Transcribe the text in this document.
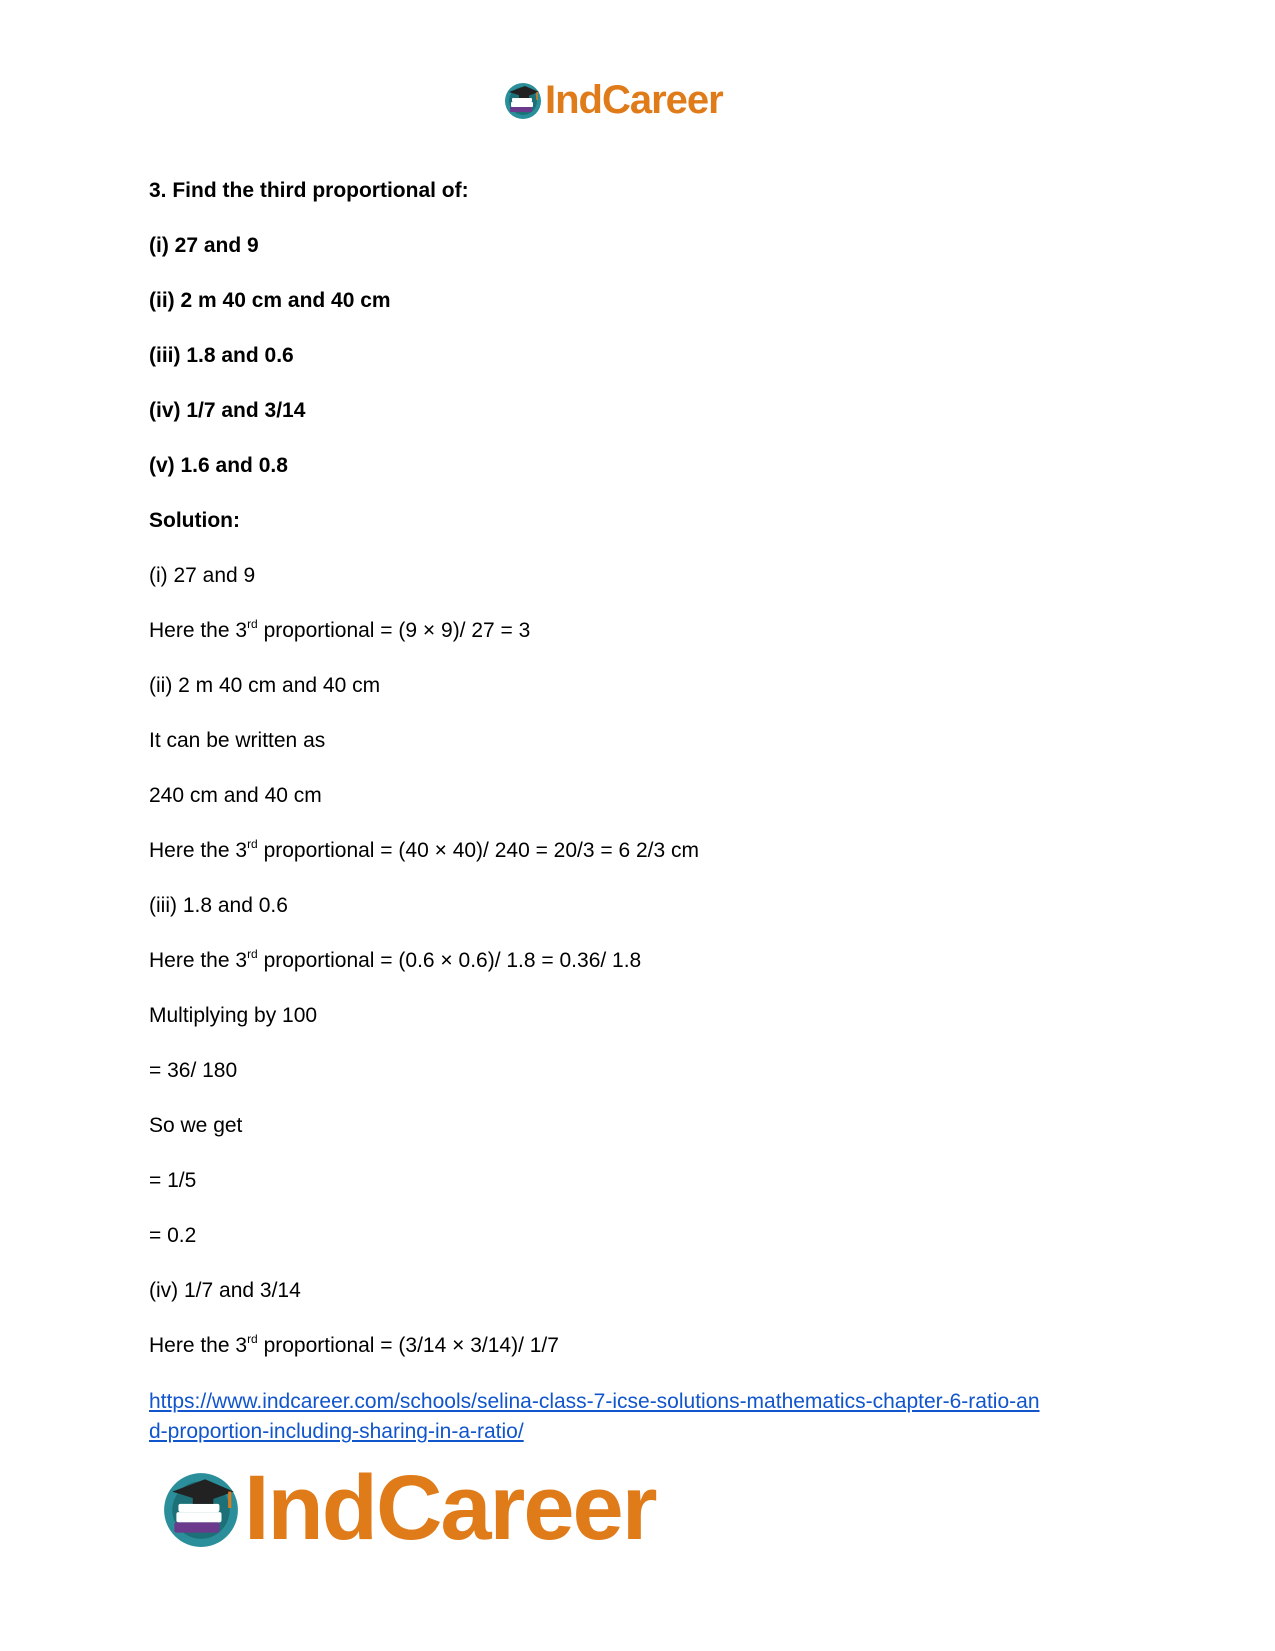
IndCareer
3. Find the third proportional of:
(i) 27 and 9
(ii) 2 m 40 cm and 40 cm
(iii) 1.8 and 0.6
(iv) 1/7 and 3/14
(v) 1.6 and 0.8
Solution:
(i) 27 and 9
Here the 3rd proportional = (9 × 9)/ 27 = 3
(ii) 2 m 40 cm and 40 cm
It can be written as
240 cm and 40 cm
Here the 3rd proportional = (40 × 40)/ 240 = 20/3 = 6 2/3 cm
(iii) 1.8 and 0.6
Here the 3rd proportional = (0.6 × 0.6)/ 1.8 = 0.36/ 1.8
Multiplying by 100
= 36/ 180
So we get
= 1/5
= 0.2
(iv) 1/7 and 3/14
Here the 3rd proportional = (3/14 × 3/14)/ 1/7
https://www.indcareer.com/schools/selina-class-7-icse-solutions-mathematics-chapter-6-ratio-an
d-proportion-including-sharing-in-a-ratio/
IndCareer
